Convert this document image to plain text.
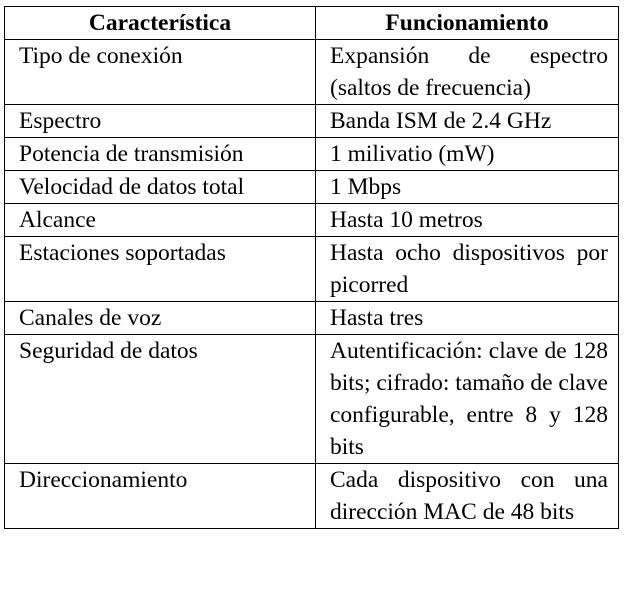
Característica	Funcionamiento
Tipo de conexión	Expansión de espectro (saltos de frecuencia)
Espectro	Banda ISM de 2.4 GHz
Potencia de transmisión	1 milivatio (mW)
Velocidad de datos total	1 Mbps
Alcance	Hasta 10 metros
Estaciones soportadas	Hasta ocho dispositivos por picorred
Canales de voz	Hasta tres
Seguridad de datos	Autentificación: clave de 128 bits; cifrado: tamaño de clave configurable, entre 8 y 128 bits
Direccionamiento	Cada dispositivo con una dirección MAC de 48 bits
